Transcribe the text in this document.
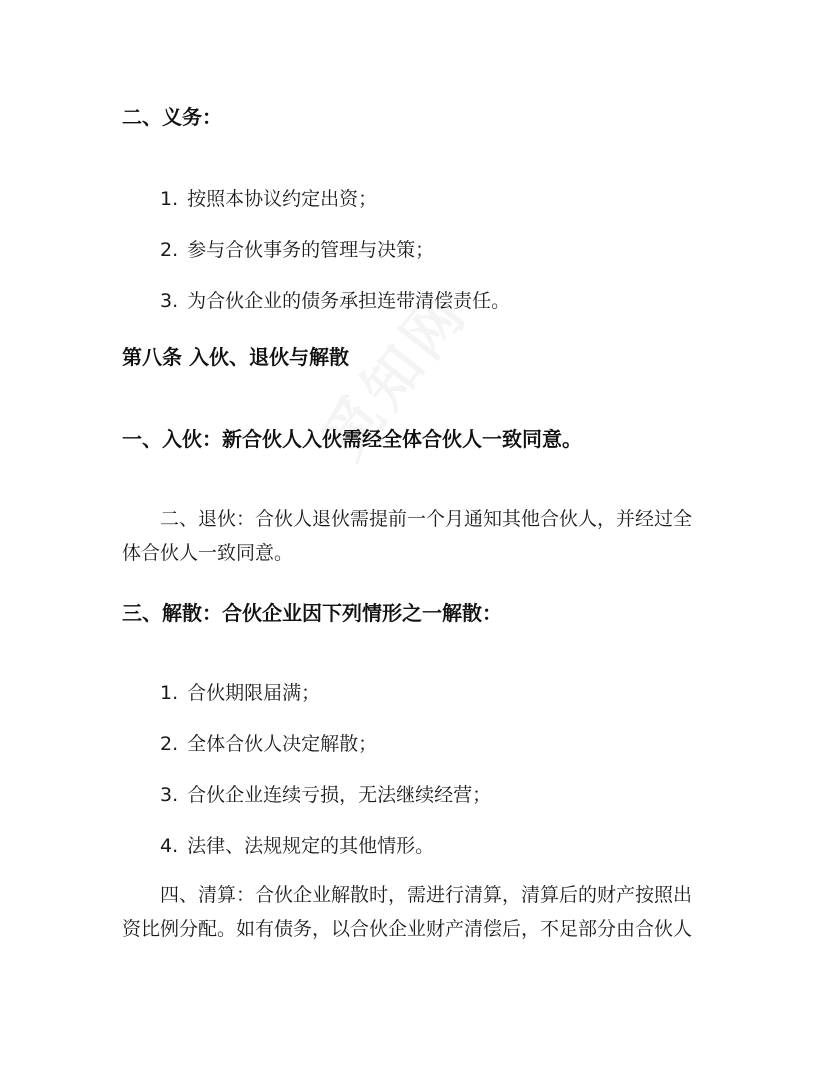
二、义务：
1. 按照本协议约定出资；
2. 参与合伙事务的管理与决策；
3. 为合伙企业的债务承担连带清偿责任。
第八条 入伙、退伙与解散
一、入伙：新合伙人入伙需经全体合伙人一致同意。
二、退伙：合伙人退伙需提前一个月通知其他合伙人，并经过全
体合伙人一致同意。
三、解散：合伙企业因下列情形之一解散：
1. 合伙期限届满；
2. 全体合伙人决定解散；
3. 合伙企业连续亏损，无法继续经营；
4. 法律、法规规定的其他情形。
四、清算：合伙企业解散时，需进行清算，清算后的财产按照出
资比例分配。如有债务，以合伙企业财产清偿后，不足部分由合伙人
